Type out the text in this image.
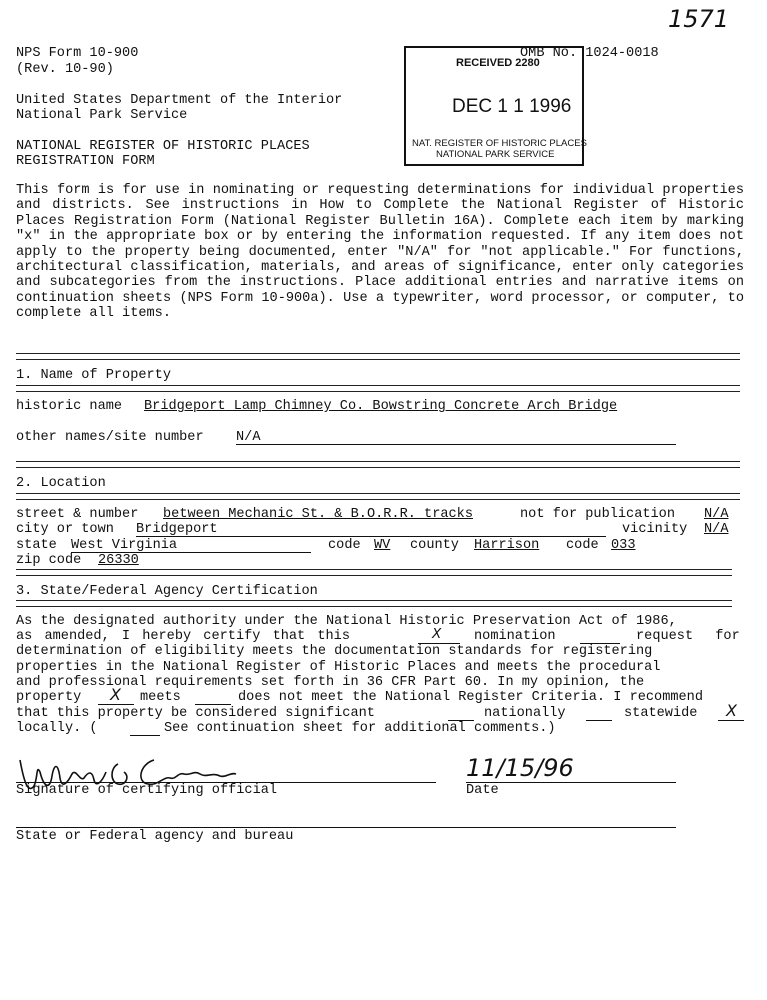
1571
NPS Form 10-900
(Rev. 10-90)
OMB No. 1024-0018
United States Department of the Interior
National Park Service
NATIONAL REGISTER OF HISTORIC PLACES
REGISTRATION FORM
RECEIVED 2280
DEC 1 1 1996
NAT. REGISTER OF HISTORIC PLACES
NATIONAL PARK SERVICE
This form is for use in nominating or requesting determinations for individual properties and districts. See instructions in How to Complete the National Register of Historic Places Registration Form (National Register Bulletin 16A). Complete each item by marking "x" in the appropriate box or by entering the information requested. If any item does not apply to the property being documented, enter "N/A" for "not applicable." For functions, architectural classification, materials, and areas of significance, enter only categories and subcategories from the instructions. Place additional entries and narrative items on continuation sheets (NPS Form 10-900a). Use a typewriter, word processor, or computer, to complete all items.
1. Name of Property
historic name Bridgeport Lamp Chimney Co. Bowstring Concrete Arch Bridge
other names/site number N/A
2. Location
street & number between Mechanic St. & B.O.R.R. tracks	not for publication N/A
city or town Bridgeport	vicinity N/A
state West Virginia	code WV county Harrison code 033
zip code 26330
3. State/Federal Agency Certification
As the designated authority under the National Historic Preservation Act of 1986,
as amended, I hereby certify that this	X nomination	request for
determination of eligibility meets the documentation standards for registering
properties in the National Register of Historic Places and meets the procedural
and professional requirements set forth in 36 CFR Part 60. In my opinion, the
property X meets	does not meet the National Register Criteria. I recommend
that this property be considered significant	nationally	statewide X
locally. (	See continuation sheet for additional comments.)
Signature of certifying official
11/15/96
Date
State or Federal agency and bureau
